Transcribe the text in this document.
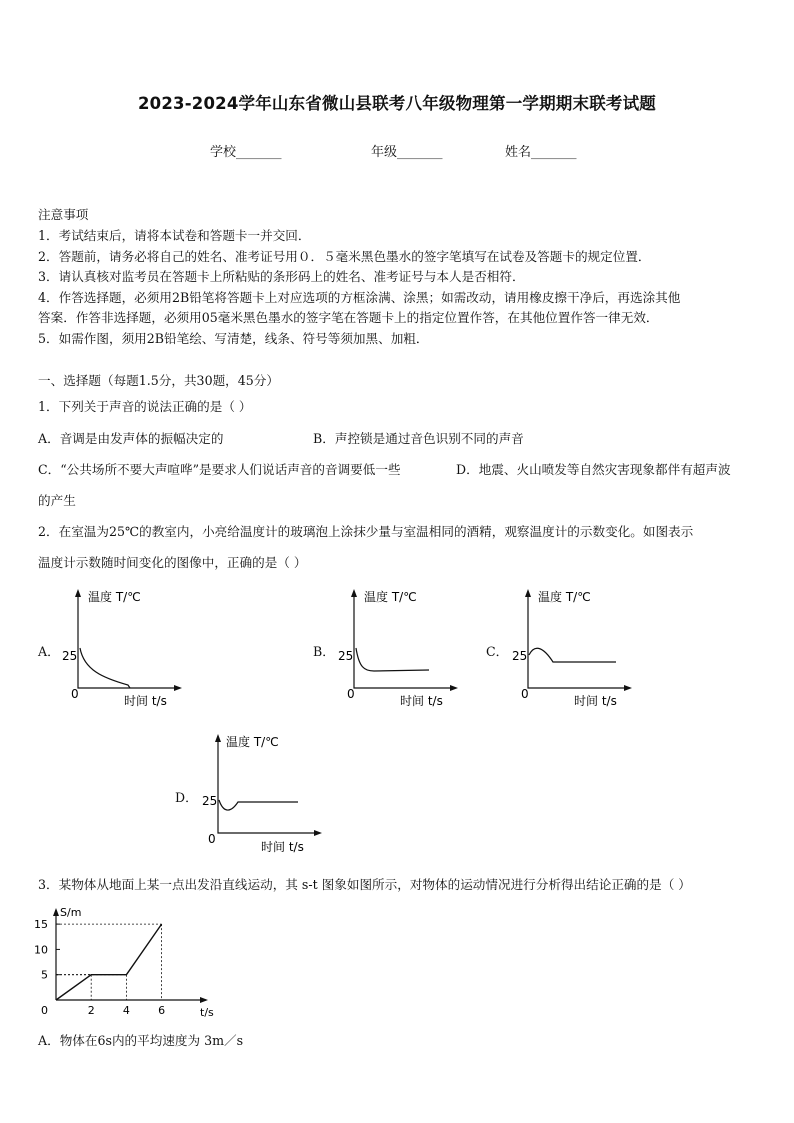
2023-2024学年山东省微山县联考八年级物理第一学期期末联考试题
学校_______	年级_______	姓名_______
注意事项
1．考试结束后，请将本试卷和答题卡一并交回．
2．答题前，请务必将自己的姓名、准考证号用０．５毫米黑色墨水的签字笔填写在试卷及答题卡的规定位置．
3．请认真核对监考员在答题卡上所粘贴的条形码上的姓名、准考证号与本人是否相符．
4．作答选择题，必须用2B铅笔将答题卡上对应选项的方框涂满、涂黑；如需改动，请用橡皮擦干净后，再选涂其他
答案．作答非选择题，必须用05毫米黑色墨水的签字笔在答题卡上的指定位置作答，在其他位置作答一律无效．
5．如需作图，须用2B铅笔绘、写清楚，线条、符号等须加黑、加粗．
一、选择题（每题1.5分，共30题，45分）
1．下列关于声音的说法正确的是（ ）
A．音调是由发声体的振幅决定的	B．声控锁是通过音色识别不同的声音
C．“公共场所不要大声喧哗”是要求人们说话声音的音调要低一些	D．地震、火山喷发等自然灾害现象都伴有超声波
的产生
2．在室温为25℃的教室内，小亮给温度计的玻璃泡上涂抹少量与室温相同的酒精，观察温度计的示数变化。如图表示
温度计示数随时间变化的图像中，正确的是（ ）
A．	B．	C．
D．
温度 T/℃
25
0	时间 t/s
温度 T/℃
25
0	时间 t/s
温度 T/℃
25
0	时间 t/s
温度 T/℃
25
0
时间 t/s
3．某物体从地面上某一点出发沿直线运动，其 s-t 图象如图所示，对物体的运动情况进行分析得出结论正确的是（ ）
5
10
15
2	4	6
S/m
t/s
0
A．物体在6s内的平均速度为 3m／s
